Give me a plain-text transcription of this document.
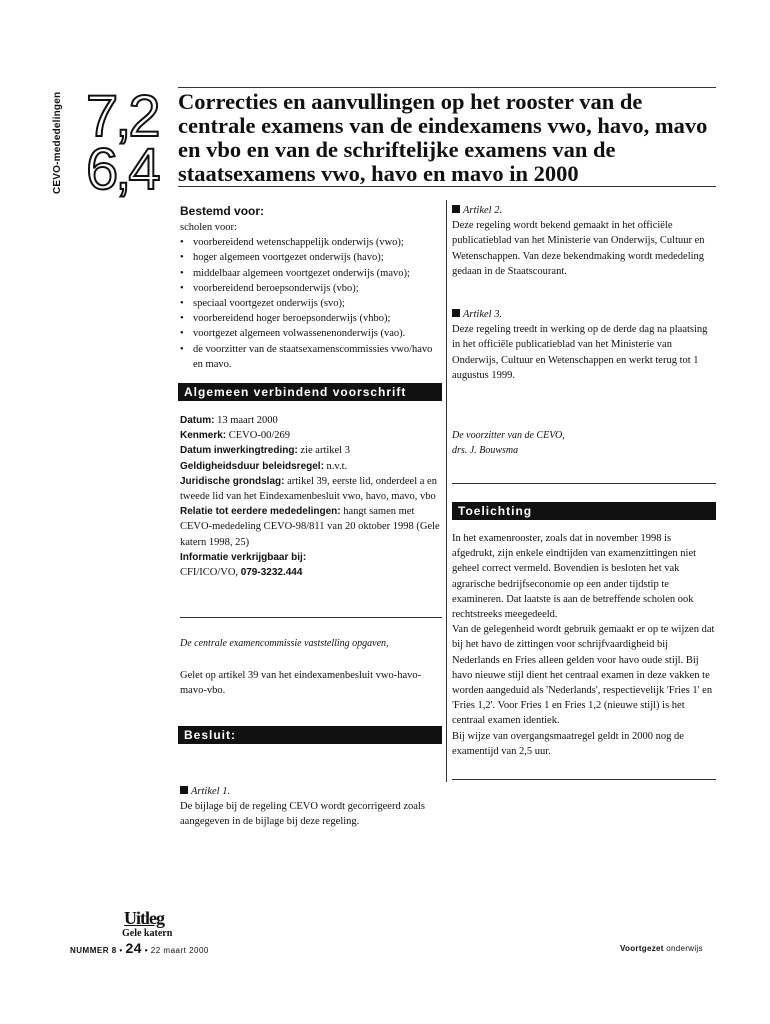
CEVO-mededelingen 7,2
6,4
Correcties en aanvullingen op het rooster van de centrale examens van de eindexamens vwo, havo, mavo en vbo en van de schriftelijke examens van de staatsexamens vwo, havo en mavo in 2000
Bestemd voor:

scholen voor:

• voorbereidend wetenschappelijk onderwijs (vwo);
• hoger algemeen voortgezet onderwijs (havo);
• middelbaar algemeen voortgezet onderwijs (mavo);
• voorbereidend beroepsonderwijs (vbo);
• speciaal voortgezet onderwijs (svo);
• voorbereidend hoger beroepsonderwijs (vhbo);
• voortgezet algemeen volwassenenonderwijs (vao).
• de voorzitter van de staatsexamenscommissies vwo/havo en mavo.
Algemeen verbindend voorschrift

Datum: 13 maart 2000

Kenmerk: CEVO-00/269

Datum inwerkingtreding: zie artikel 3

Geldigheidsduur beleidsregel: n.v.t.

Juridische grondslag: artikel 39, eerste lid, onderdeel a en tweede lid van het Eindexamenbesluit vwo, havo, mavo, vbo

Relatie tot eerdere mededelingen: hangt samen met CEVO-mededeling CEVO-98/811 van 20 oktober 1998 (Gele katern 1998, 25)

Informatie verkrijgbaar bij:

CFI/ICO/VO, 079-3232.444

De centrale examencommissie vaststelling opgaven,
Gelet op artikel 39 van het eindexamenbesluit vwo-havo-mavo-vbo.
Besluit:

Artikel 1.

De bijlage bij de regeling CEVO wordt gecorrigeerd zoals aangegeven in de bijlage bij deze regeling.

Artikel 2.

Deze regeling wordt bekend gemaakt in het officiële publicatieblad van het Ministerie van Onderwijs, Cultuur en Wetenschappen. Van deze bekendmaking wordt mededeling gedaan in de Staatscourant.

Artikel 3.

Deze regeling treedt in werking op de derde dag na plaatsing in het officiële publicatieblad van het Ministerie van Onderwijs, Cultuur en Wetenschappen en werkt terug tot 1 augustus 1999.

De voorzitter van de CEVO,

drs. J. Bouwsma

Toelichting

In het examenrooster, zoals dat in november 1998 is afgedrukt, zijn enkele eindtijden van examenzittingen niet geheel correct vermeld. Bovendien is besloten het vak agrarische bedrijfseconomie op een ander tijdstip te examineren. Dat laatste is aan de betreffende scholen ook rechtstreeks meegedeeld.

Van de gelegenheid wordt gebruik gemaakt er op te wijzen dat bij het havo de zittingen voor schrijfvaardigheid bij Nederlands en Fries alleen gelden voor havo oude stijl. Bij havo nieuwe stijl dient het centraal examen in deze vakken te worden aangeduid als 'Nederlands', respectievelijk 'Fries 1' en 'Fries 1,2'. Voor Fries 1 en Fries 1,2 (nieuwe stijl) is het centraal examen identiek.

Bij wijze van overgangsmaatregel geldt in 2000 nog de examentijd van 2,5 uur.

Uitleg
Gele katern
NUMMER 8 • 24 • 22 maart 2000	Voortgezet onderwijs
